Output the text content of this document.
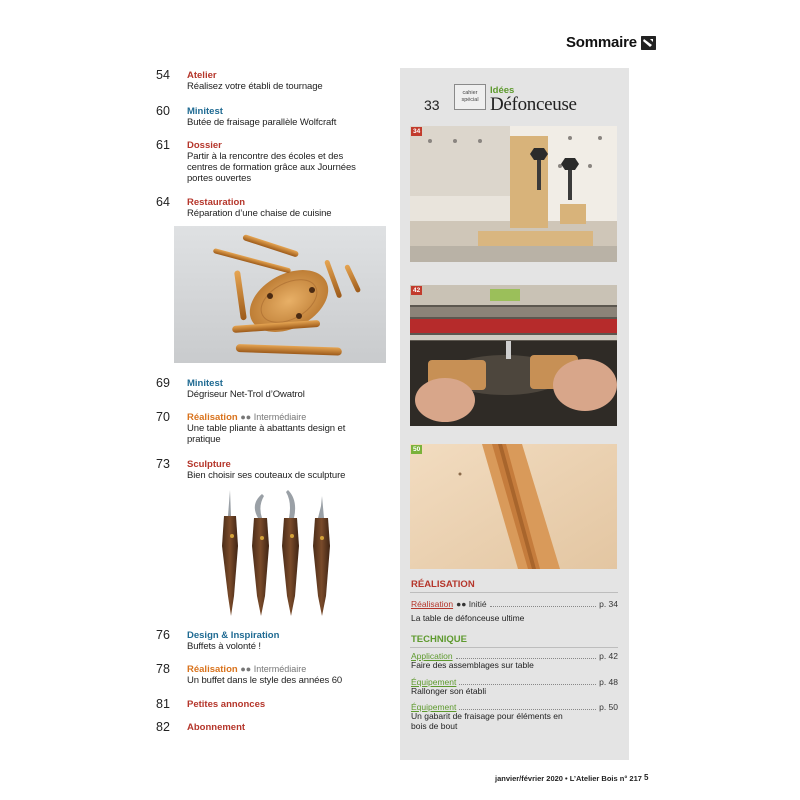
Sommaire
54	Atelier
Réalisez votre établi de tournage
60	Minitest
Butée de fraisage parallèle Wolfcraft
61	Dossier
Partir à la rencontre des écoles et des centres de formation grâce aux Journées portes ouvertes
64	Restauration
Réparation d’une chaise de cuisine
69	Minitest
Dégriseur Net-Trol d’Owatrol
70	Réalisation ●● Intermédiaire
Une table pliante à abattants design et pratique
73	Sculpture
Bien choisir ses couteaux de sculpture
76	Design & Inspiration
Buffets à volonté !
78	Réalisation ●● Intermédiaire
Un buffet dans le style des années 60
81	Petites annonces
82	Abonnement
cahier spécial
33
Idées
Défonceuse
34
42
50
RÉALISATION
Réalisation ●● Initié	p. 34
La table de défonceuse ultime
TECHNIQUE
Application	p. 42
Faire des assemblages sur table
Équipement	p. 48
Rallonger son établi
Équipement	p. 50
Un gabarit de fraisage pour éléments en bois de bout
janvier/février 2020 • L’Atelier Bois n° 217 5
